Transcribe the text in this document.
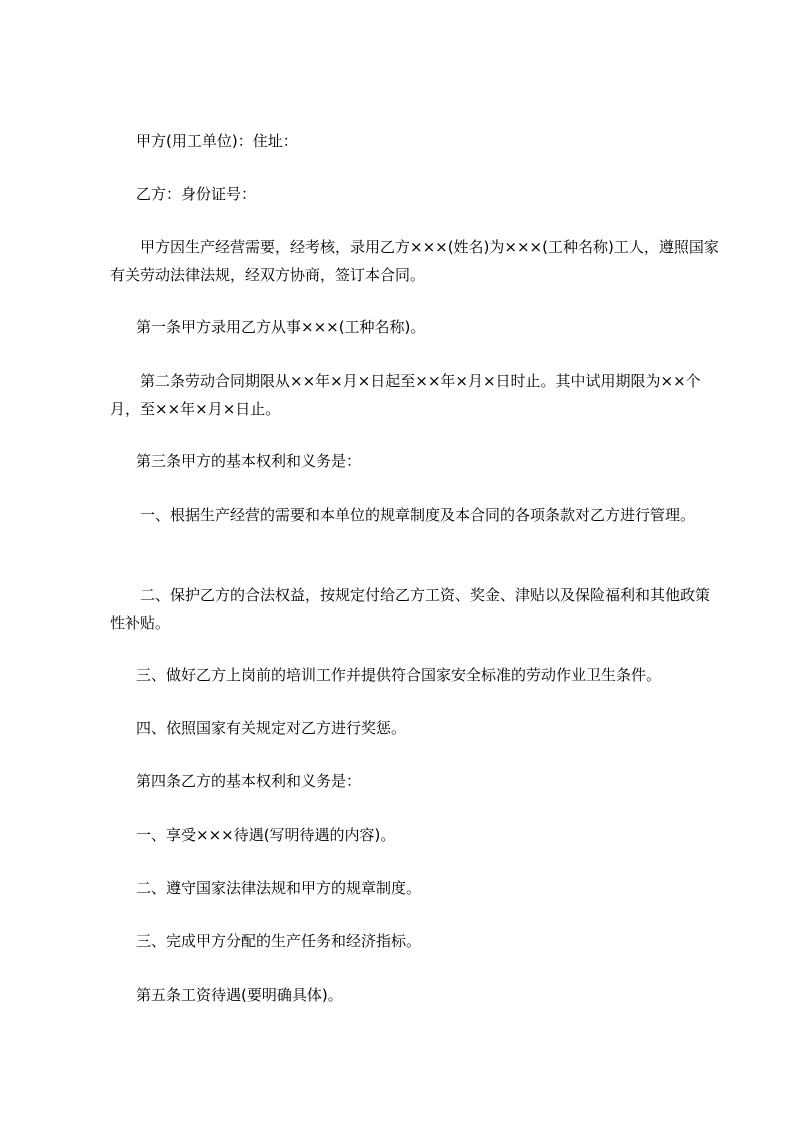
甲方(用工单位)：住址：

乙方：身份证号：

甲方因生产经营需要，经考核，录用乙方×××(姓名)为×××(工种名称)工人，遵照国家有关劳动法律法规，经双方协商，签订本合同。

第一条甲方录用乙方从事×××(工种名称)。

第二条劳动合同期限从××年×月×日起至××年×月×日时止。其中试用期限为××个月，至××年×月×日止。

第三条甲方的基本权利和义务是：

一、根据生产经营的需要和本单位的规章制度及本合同的各项条款对乙方进行管理。

二、保护乙方的合法权益，按规定付给乙方工资、奖金、津贴以及保险福利和其他政策性补贴。

三、做好乙方上岗前的培训工作并提供符合国家安全标准的劳动作业卫生条件。

四、依照国家有关规定对乙方进行奖惩。

第四条乙方的基本权利和义务是：

一、享受×××待遇(写明待遇的内容)。

二、遵守国家法律法规和甲方的规章制度。

三、完成甲方分配的生产任务和经济指标。

第五条工资待遇(要明确具体)。
